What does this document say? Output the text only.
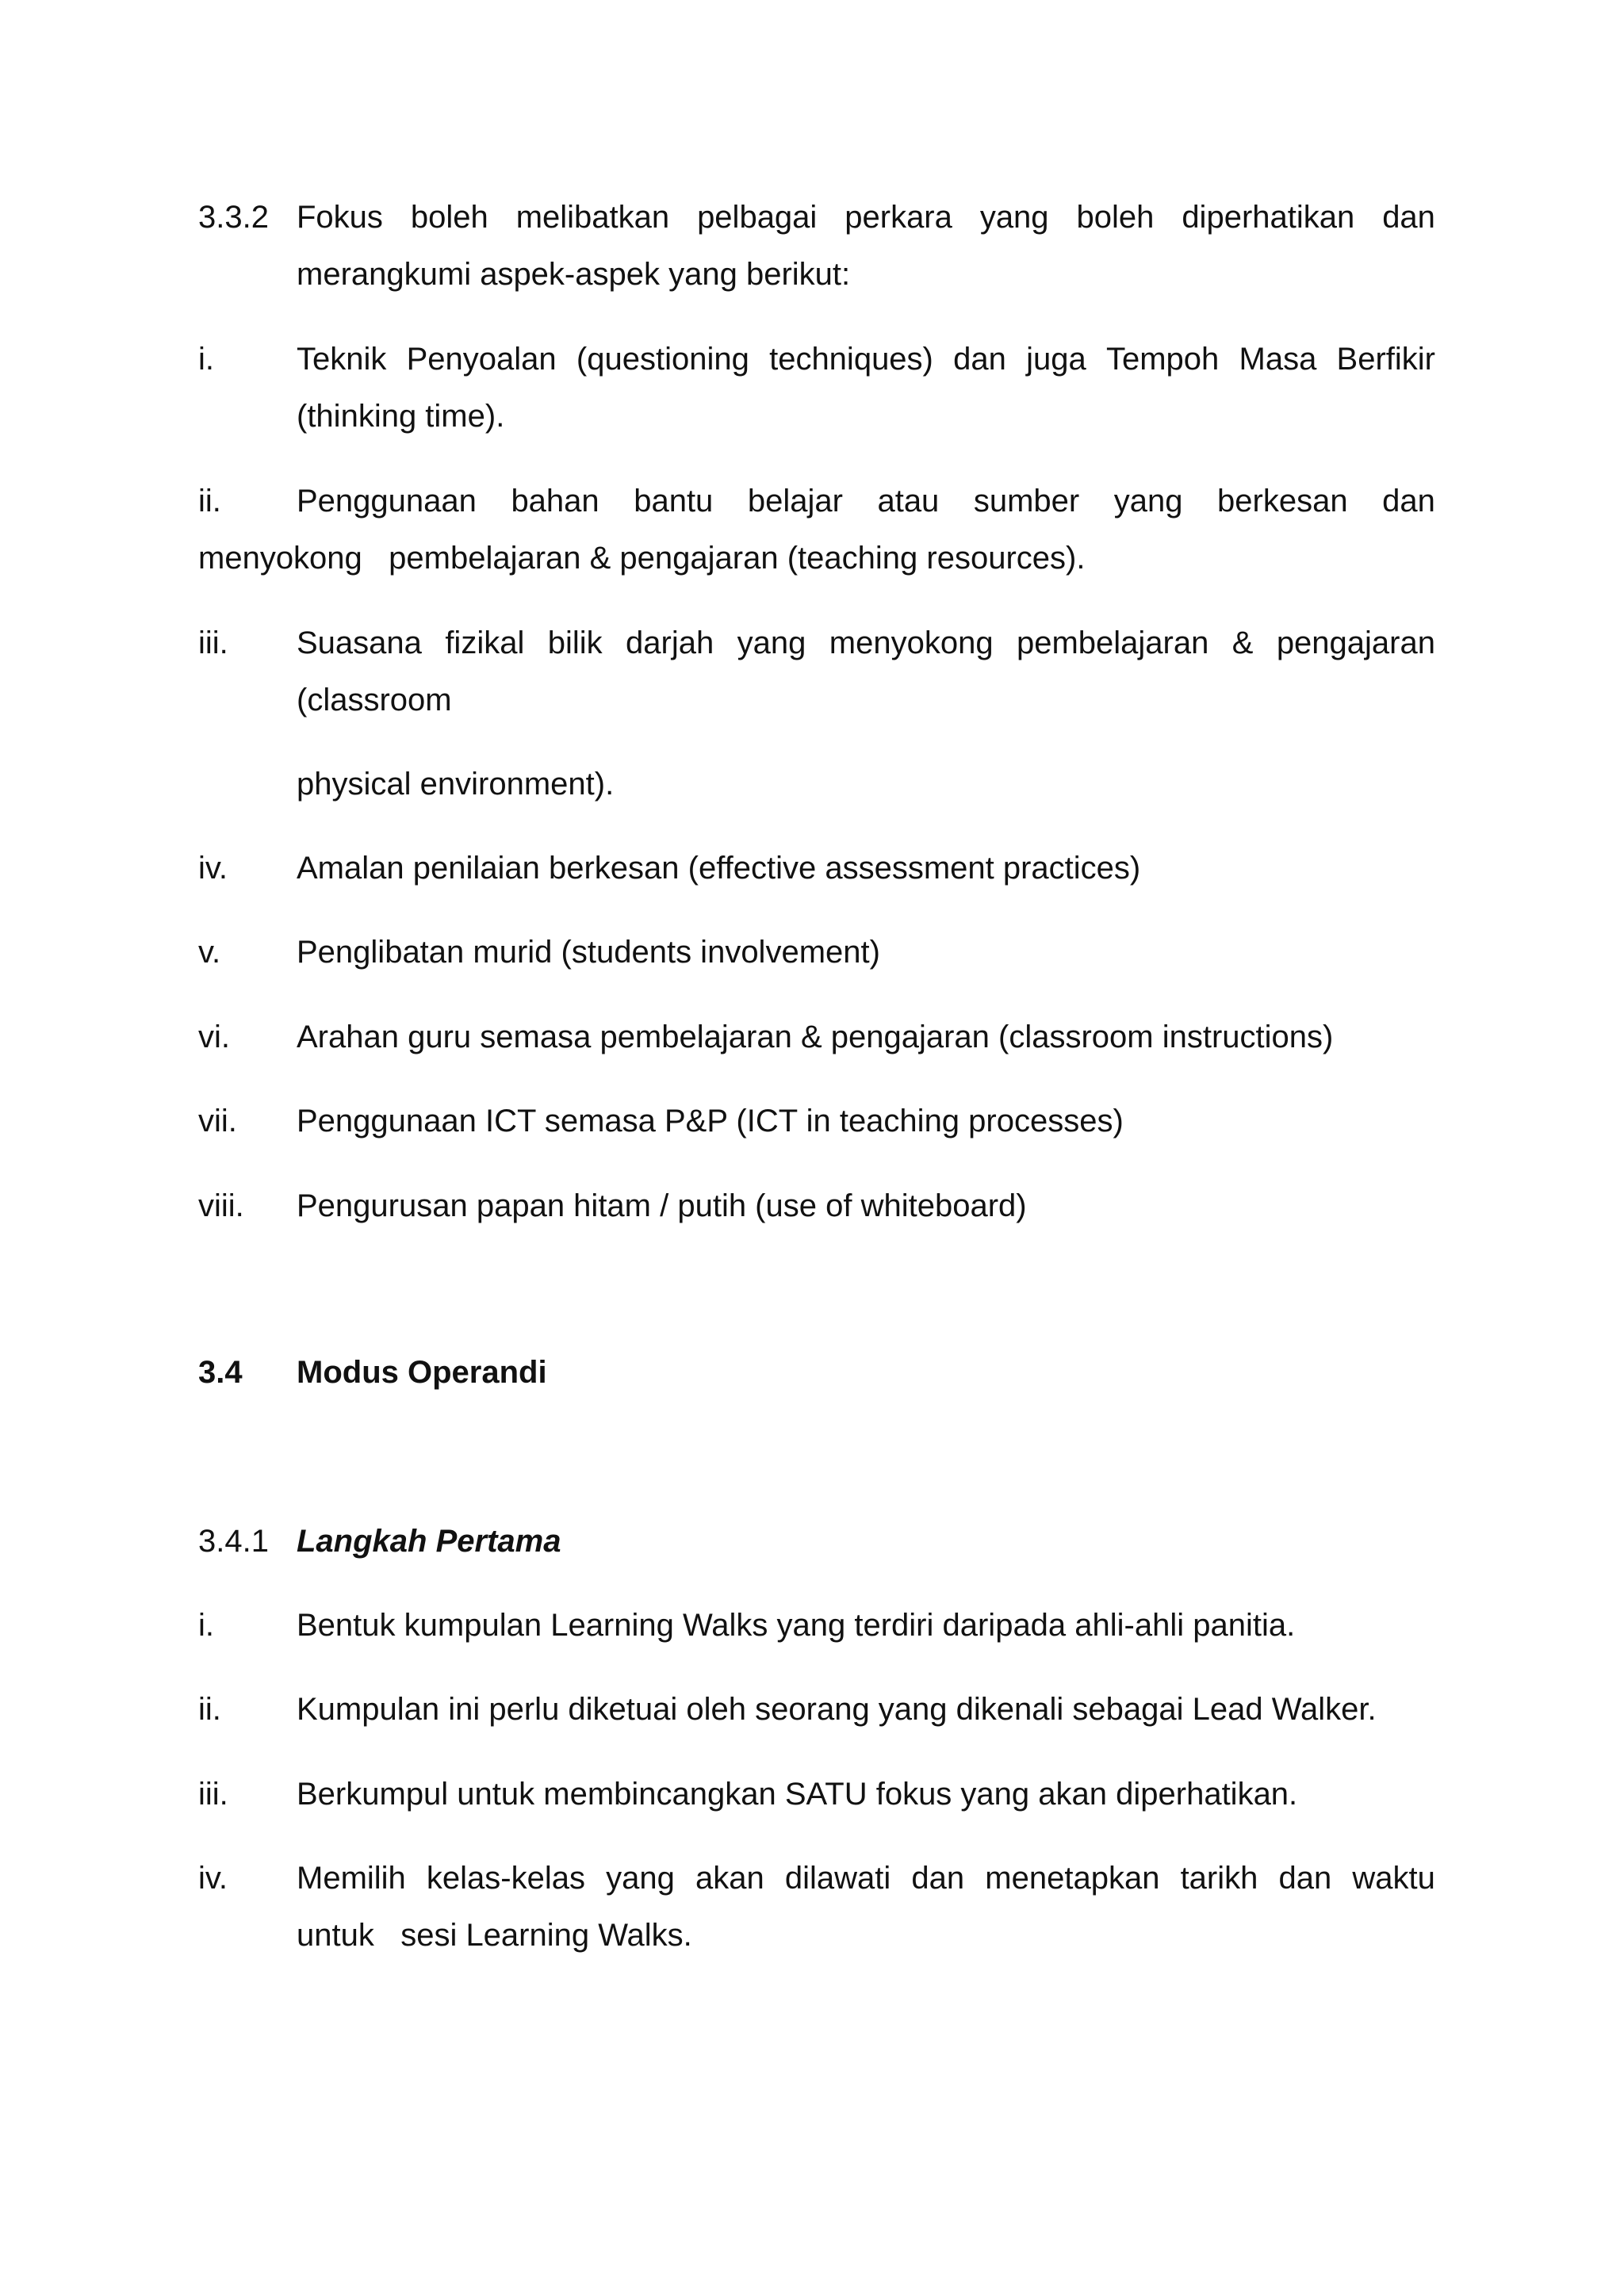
3.3.2 Fokus boleh melibatkan pelbagai perkara yang boleh diperhatikan dan
merangkumi aspek-aspek yang berikut:
i.	Teknik Penyoalan (questioning techniques) dan juga Tempoh Masa Berfikir
(thinking time).
ii. Penggunaan bahan bantu belajar atau sumber yang berkesan dan
menyokong   pembelajaran & pengajaran (teaching resources).
iii. Suasana fizikal bilik darjah yang menyokong pembelajaran & pengajaran
(classroom
physical environment).
iv. Amalan penilaian berkesan (effective assessment practices)
v. Penglibatan murid (students involvement)
vi. Arahan guru semasa pembelajaran & pengajaran (classroom instructions)
vii. Penggunaan ICT semasa P&P (ICT in teaching processes)
viii. Pengurusan papan hitam / putih (use of whiteboard)
3.4 Modus Operandi
3.4.1 Langkah Pertama
i.	Bentuk kumpulan Learning Walks yang terdiri daripada ahli-ahli panitia.
ii. Kumpulan ini perlu diketuai oleh seorang yang dikenali sebagai Lead Walker.
iii. Berkumpul untuk membincangkan SATU fokus yang akan diperhatikan.
iv. Memilih kelas-kelas yang akan dilawati dan menetapkan tarikh dan waktu
untuk   sesi Learning Walks.
